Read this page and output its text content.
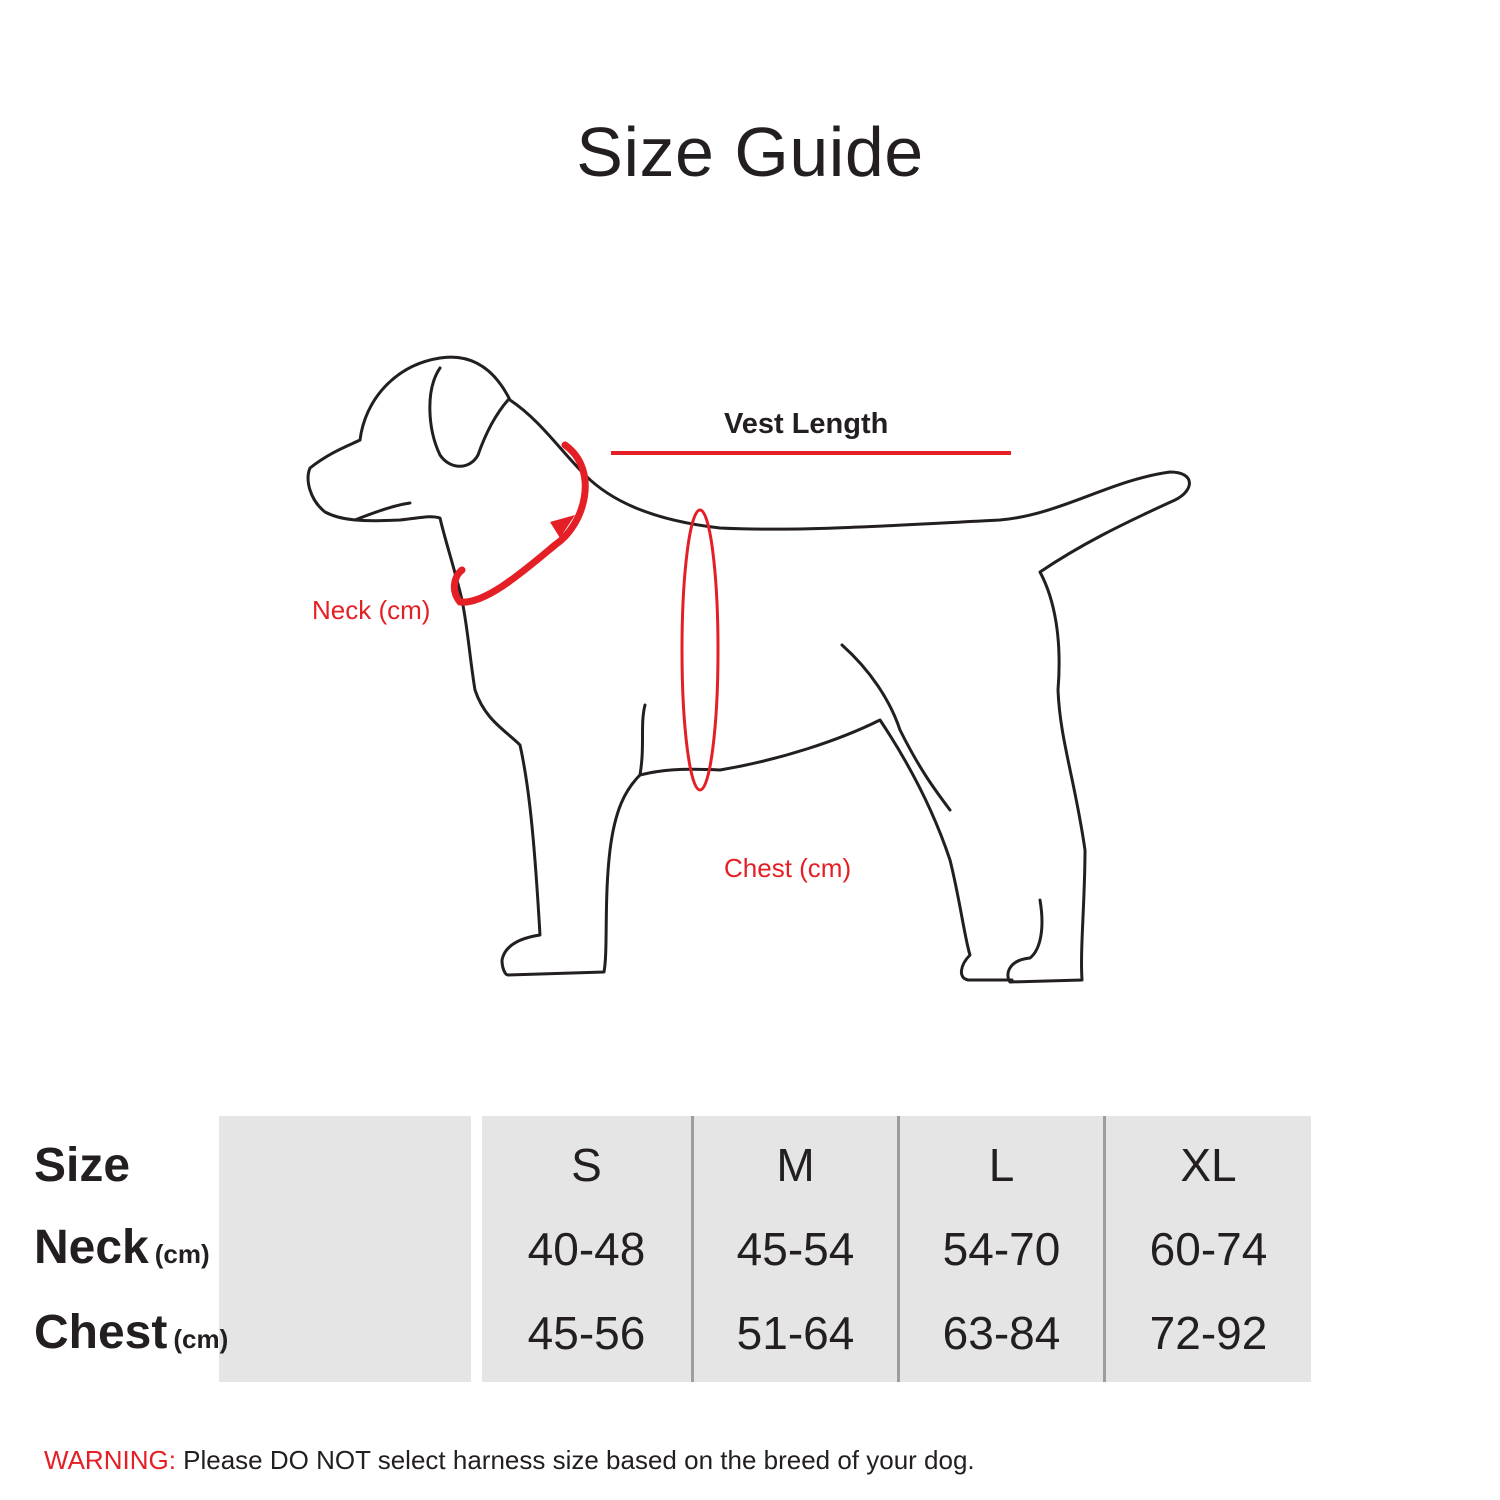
Size Guide
Vest Length
Neck (cm)
Chest (cm)
Size
Neck (cm)
Chest (cm)
S
40-48
45-56
M
45-54
51-64
L
54-70
63-84
XL
60-74
72-92
WARNING: Please DO NOT select harness size based on the breed of your dog.
